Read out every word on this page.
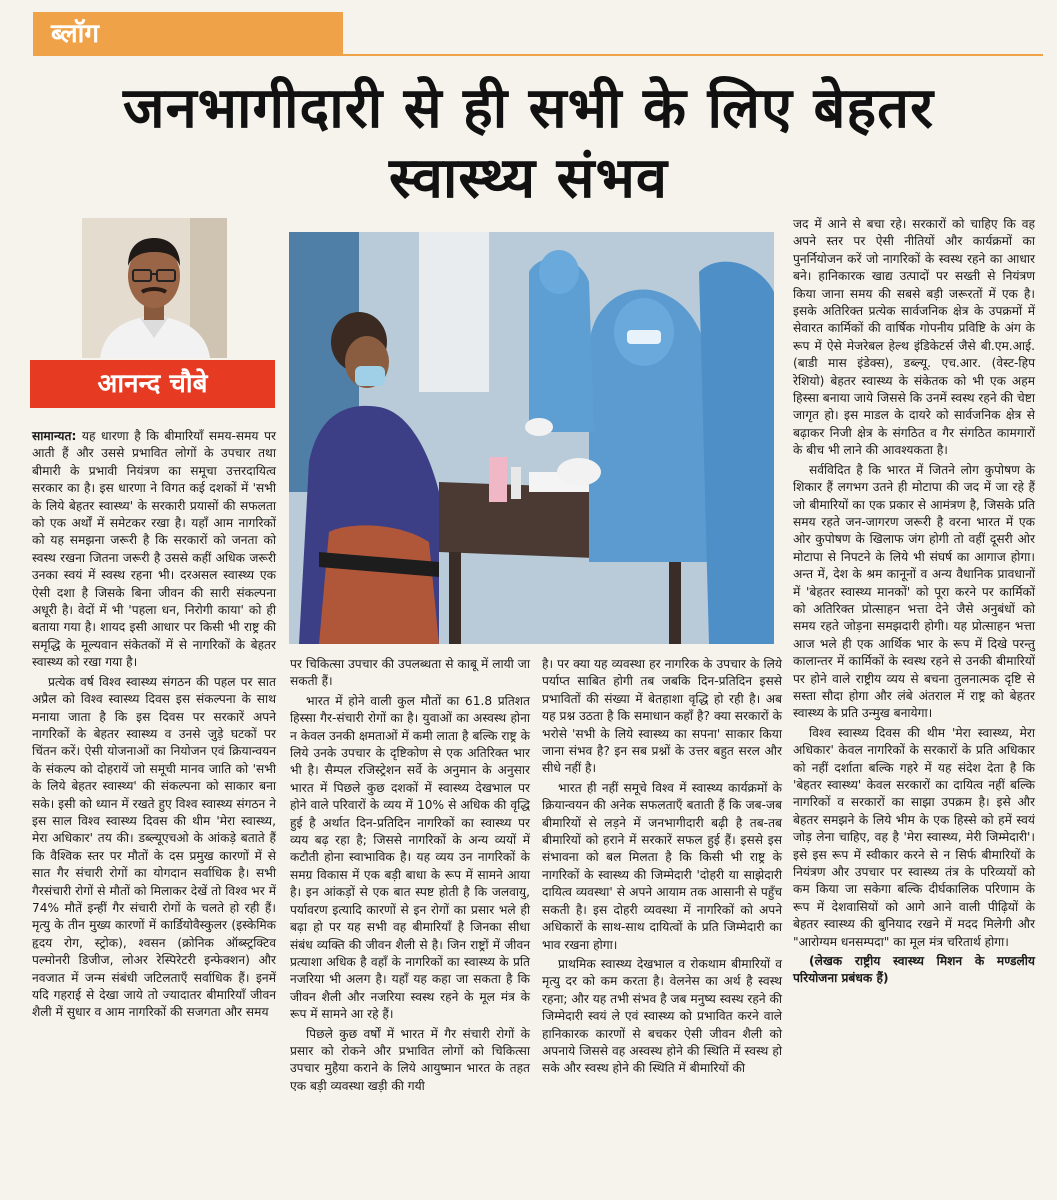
ब्लॉग
जनभागीदारी से ही सभी के लिए बेहतर
स्वास्थ्य संभव
आनन्द चौबे

सामान्यत: यह धारणा है कि बीमारियाँ समय-समय पर आती हैं और उससे प्रभावित लोगों के उपचार तथा बीमारी के प्रभावी नियंत्रण का समूचा उत्तरदायित्व सरकार का है। इस धारणा ने विगत कई दशकों में 'सभी के लिये बेहतर स्वास्थ्य' के सरकारी प्रयासों की सफलता को एक अर्थों में समेटकर रखा है। यहाँ आम नागरिकों को यह समझना जरूरी है कि सरकारों को जनता को स्वस्थ रखना जितना जरूरी है उससे कहीं अधिक जरूरी उनका स्वयं में स्वस्थ रहना भी। दरअसल स्वास्थ्य एक ऐसी दशा है जिसके बिना जीवन की सारी संकल्पना अधूरी है। वेदों में भी 'पहला धन, निरोगी काया' को ही बताया गया है। शायद इसी आधार पर किसी भी राष्ट्र की समृद्धि के मूल्यवान संकेतकों में से नागरिकों के बेहतर स्वास्थ्य को रखा गया है।

प्रत्येक वर्ष विश्व स्वास्थ्य संगठन की पहल पर सात अप्रैल को विश्व स्वास्थ्य दिवस इस संकल्पना के साथ मनाया जाता है कि इस दिवस पर सरकारें अपने नागरिकों के बेहतर स्वास्थ्य व उनसे जुड़े घटकों पर चिंतन करें। ऐसी योजनाओं का नियोजन एवं क्रियान्वयन के संकल्प को दोहरायें जो समूची मानव जाति को 'सभी के लिये बेहतर स्वास्थ्य' की संकल्पना को साकार बना सके। इसी को ध्यान में रखते हुए विश्व स्वास्थ्य संगठन ने इस साल विश्व स्वास्थ्य दिवस की थीम 'मेरा स्वास्थ्य, मेरा अधिकार' तय की। डब्ल्यूएचओ के आंकड़े बताते हैं कि वैश्विक स्तर पर मौतों के दस प्रमुख कारणों में से सात गैर संचारी रोगों का योगदान सर्वाधिक है। सभी गैरसंचारी रोगों से मौतों को मिलाकर देखें तो विश्व भर में 74% मौतें इन्हीं गैर संचारी रोगों के चलते हो रही हैं। मृत्यु के तीन मुख्य कारणों में कार्डियोवैस्कुलर (इस्केमिक हृदय रोग, स्ट्रोक), श्वसन (क्रोनिक ऑब्स्ट्रक्टिव पल्मोनरी डिजीज, लोअर रेस्पिरेटरी इन्फेक्शन) और नवजात में जन्म संबंधी जटिलताएँ सर्वाधिक हैं। इनमें यदि गहराई से देखा जाये तो ज्यादातर बीमारियाँ जीवन शैली में सुधार व आम नागरिकों की सजगता और समय

पर चिकित्सा उपचार की उपलब्धता से काबू में लायी जा सकती हैं।

भारत में होने वाली कुल मौतों का 61.8 प्रतिशत हिस्सा गैर-संचारी रोगों का है। युवाओं का अस्वस्थ होना न केवल उनकी क्षमताओं में कमी लाता है बल्कि राष्ट्र के लिये उनके उपचार के दृष्टिकोण से एक अतिरिक्त भार भी है। सैम्पल रजिस्ट्रेशन सर्वे के अनुमान के अनुसार भारत में पिछले कुछ दशकों में स्वास्थ्य देखभाल पर होने वाले परिवारों के व्यय में 10% से अधिक की वृद्धि हुई है अर्थात दिन-प्रतिदिन नागरिकों का स्वास्थ्य पर व्यय बढ़ रहा है; जिससे नागरिकों के अन्य व्ययों में कटौती होना स्वाभाविक है। यह व्यय उन नागरिकों के समग्र विकास में एक बड़ी बाधा के रूप में सामने आया है। इन आंकड़ों से एक बात स्पष्ट होती है कि जलवायु, पर्यावरण इत्यादि कारणों से इन रोगों का प्रसार भले ही बढ़ा हो पर यह सभी वह बीमारियाँ है जिनका सीधा संबंध व्यक्ति की जीवन शैली से है। जिन राष्ट्रों में जीवन प्रत्याशा अधिक है वहाँ के नागरिकों का स्वास्थ्य के प्रति नजरिया भी अलग है। यहाँ यह कहा जा सकता है कि जीवन शैली और नजरिया स्वस्थ रहने के मूल मंत्र के रूप में सामने आ रहे हैं।

पिछले कुछ वर्षों में भारत में गैर संचारी रोगों के प्रसार को रोकने और प्रभावित लोगों को चिकित्सा उपचार मुहैया कराने के लिये आयुष्मान भारत के तहत एक बड़ी व्यवस्था खड़ी की गयी

है। पर क्या यह व्यवस्था हर नागरिक के उपचार के लिये पर्याप्त साबित होगी तब जबकि दिन-प्रतिदिन इससे प्रभावितों की संख्या में बेतहाशा वृद्धि हो रही है। अब यह प्रश्न उठता है कि समाधान कहाँ है? क्या सरकारों के भरोसे 'सभी के लिये स्वास्थ्य का सपना' साकार किया जाना संभव है? इन सब प्रश्नों के उत्तर बहुत सरल और सीधे नहीं है।

भारत ही नहीं समूचे विश्व में स्वास्थ्य कार्यक्रमों के क्रियान्वयन की अनेक सफलताएँ बताती हैं कि जब-जब बीमारियों से लड़ने में जनभागीदारी बढ़ी है तब-तब बीमारियों को हराने में सरकारें सफल हुई हैं। इससे इस संभावना को बल मिलता है कि किसी भी राष्ट्र के नागरिकों के स्वास्थ्य की जिम्मेदारी 'दोहरी या साझेदारी दायित्व व्यवस्था' से अपने आयाम तक आसानी से पहुँच सकती है। इस दोहरी व्यवस्था में नागरिकों को अपने अधिकारों के साथ-साथ दायित्वों के प्रति जिम्मेदारी का भाव रखना होगा।

प्राथमिक स्वास्थ्य देखभाल व रोकथाम बीमारियों व मृत्यु दर को कम करता है। वेलनेस का अर्थ है स्वस्थ रहना; और यह तभी संभव है जब मनुष्य स्वस्थ रहने की जिम्मेदारी स्वयं ले एवं स्वास्थ्य को प्रभावित करने वाले हानिकारक कारणों से बचकर ऐसी जीवन शैली को अपनाये जिससे वह अस्वस्थ होने की स्थिति में स्वस्थ हो सके और स्वस्थ होने की स्थिति में बीमारियों की

जद में आने से बचा रहे। सरकारों को चाहिए कि वह अपने स्तर पर ऐसी नीतियों और कार्यक्रमों का पुनर्नियोजन करें जो नागरिकों के स्वस्थ रहने का आधार बने। हानिकारक खाद्य उत्पादों पर सख्ती से नियंत्रण किया जाना समय की सबसे बड़ी जरूरतों में एक है। इसके अतिरिक्त प्रत्येक सार्वजनिक क्षेत्र के उपक्रमों में सेवारत कार्मिकों की वार्षिक गोपनीय प्रविष्टि के अंग के रूप में ऐसे मेजरेबल हेल्थ इंडिकेटर्स जैसे बी.एम.आई. (बाडी मास इंडेक्स), डब्ल्यू. एच.आर. (वेस्ट-हिप रेशियो) बेहतर स्वास्थ्य के संकेतक को भी एक अहम हिस्सा बनाया जाये जिससे कि उनमें स्वस्थ रहने की चेष्टा जागृत हो। इस माडल के दायरे को सार्वजनिक क्षेत्र से बढ़ाकर निजी क्षेत्र के संगठित व गैर संगठित कामगारों के बीच भी लाने की आवश्यकता है।

सर्वविदित है कि भारत में जितने लोग कुपोषण के शिकार हैं लगभग उतने ही मोटापा की जद में जा रहे हैं जो बीमारियों का एक प्रकार से आमंत्रण है, जिसके प्रति समय रहते जन-जागरण जरूरी है वरना भारत में एक ओर कुपोषण के खिलाफ जंग होगी तो वहीं दूसरी ओर मोटापा से निपटने के लिये भी संघर्ष का आगाज होगा। अन्त में, देश के श्रम कानूनों व अन्य वैधानिक प्रावधानों में 'बेहतर स्वास्थ्य मानकों' को पूरा करने पर कार्मिकों को अतिरिक्त प्रोत्साहन भत्ता देने जैसे अनुबंधों को समय रहते जोड़ना समझदारी होगी। यह प्रोत्साहन भत्ता आज भले ही एक आर्थिक भार के रूप में दिखे परन्तु कालान्तर में कार्मिकों के स्वस्थ रहने से उनकी बीमारियों पर होने वाले राष्ट्रीय व्यय से बचना तुलनात्मक दृष्टि से सस्ता सौदा होगा और लंबे अंतराल में राष्ट्र को बेहतर स्वास्थ्य के प्रति उन्मुख बनायेगा।

विश्व स्वास्थ्य दिवस की थीम 'मेरा स्वास्थ्य, मेरा अधिकार' केवल नागरिकों के सरकारों के प्रति अधिकार को नहीं दर्शाता बल्कि गहरे में यह संदेश देता है कि 'बेहतर स्वास्थ्य' केवल सरकारों का दायित्व नहीं बल्कि नागरिकों व सरकारों का साझा उपक्रम है। इसे और बेहतर समझने के लिये भीम के एक हिस्से को हमें स्वयं जोड़ लेना चाहिए, वह है 'मेरा स्वास्थ्य, मेरी जिम्मेदारी'। इसे इस रूप में स्वीकार करने से न सिर्फ बीमारियों के नियंत्रण और उपचार पर स्वास्थ्य तंत्र के परिव्ययों को कम किया जा सकेगा बल्कि दीर्घकालिक परिणाम के रूप में देशवासियों को आगे आने वाली पीढ़ियों के बेहतर स्वास्थ्य की बुनियाद रखने में मदद मिलेगी और "आरोग्यम धनसम्पदा" का मूल मंत्र चरितार्थ होगा।

(लेखक राष्ट्रीय स्वास्थ्य मिशन के मण्डलीय परियोजना प्रबंधक हैं)
